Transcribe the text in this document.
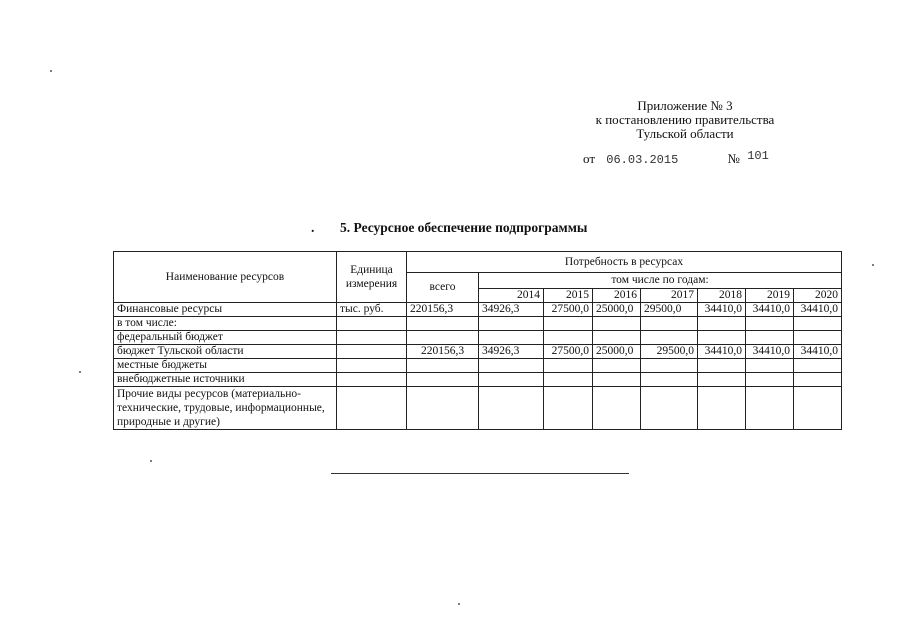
Приложение № 3
к постановлению правительства
Тульской области
от 06.03.2015	№ 101
. 5. Ресурсное обеспечение подпрограммы
Наименование ресурсов	Единица измерения	Потребность в ресурсах							
		всего	том числе по годам:						
			2014	2015	2016	2017	2018	2019	2020
Финансовые ресурсы	тыс. руб.	220156,3	34926,3	27500,0	25000,0	29500,0	34410,0	34410,0	34410,0
в том числе:									
федеральный бюджет									
бюджет Тульской области		220156,3	34926,3	27500,0	25000,0	29500,0	34410,0	34410,0	34410,0
местные бюджеты									
внебюджетные источники									
Прочие виды ресурсов (материально-технические, трудовые, информационные, природные и другие)									
